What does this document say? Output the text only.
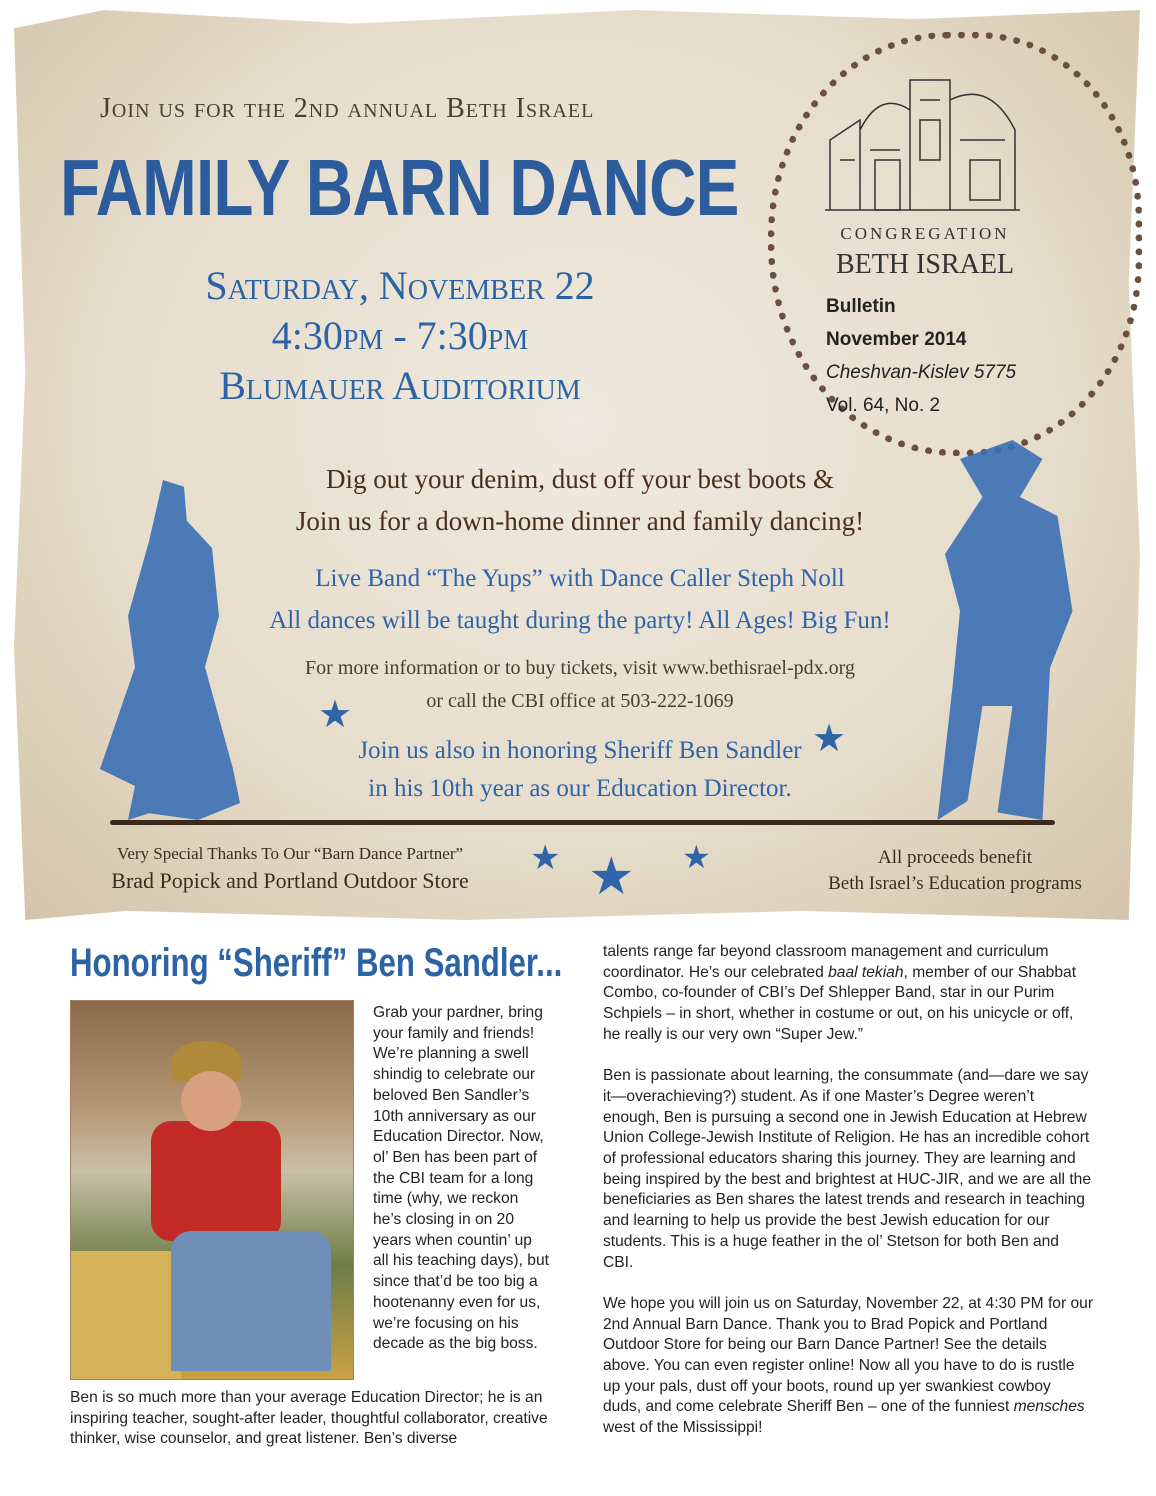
Join us for the 2nd annual Beth Israel
FAMILY BARN DANCE
Saturday, November 22
4:30pm - 7:30pm
Blumauer Auditorium
CONGREGATION
BETH ISRAEL
Bulletin
November 2014
Cheshvan-Kislev 5775
Vol. 64, No. 2
Dig out your denim, dust off your best boots &
Join us for a down-home dinner and family dancing!
Live Band “The Yups” with Dance Caller Steph Noll
All dances will be taught during the party! All Ages! Big Fun!
For more information or to buy tickets, visit www.bethisrael-pdx.org
or call the CBI office at 503-222-1069
Join us also in honoring Sheriff Ben Sandler
in his 10th year as our Education Director.
★
★
★ ★ ★
Very Special Thanks To Our “Barn Dance Partner”
Brad Popick and Portland Outdoor Store
All proceeds benefit
Beth Israel’s Education programs
Honoring “Sheriff” Ben Sandler...
Grab your pardner, bring your family and friends! We’re planning a swell shindig to celebrate our beloved Ben Sandler’s 10th anniversary as our Education Director. Now, ol’ Ben has been part of the CBI team for a long time (why, we reckon he’s closing in on 20 years when countin’ up all his teaching days), but since that’d be too big a hootenanny even for us, we’re focusing on his decade as the big boss.
Ben is so much more than your average Education Director; he is an inspiring teacher, sought-after leader, thoughtful collaborator, creative thinker, wise counselor, and great listener. Ben’s diverse

talents range far beyond classroom management and curriculum coordinator. He’s our celebrated baal tekiah, member of our Shabbat Combo, co-founder of CBI’s Def Shlepper Band, star in our Purim Schpiels – in short, whether in costume or out, on his unicycle or off, he really is our very own “Super Jew.”

Ben is passionate about learning, the consummate (and—dare we say it—overachieving?) student. As if one Master’s Degree weren’t enough, Ben is pursuing a second one in Jewish Education at Hebrew Union College-Jewish Institute of Religion. He has an incredible cohort of professional educators sharing this journey. They are learning and being inspired by the best and brightest at HUC-JIR, and we are all the beneficiaries as Ben shares the latest trends and research in teaching and learning to help us provide the best Jewish education for our students. This is a huge feather in the ol’ Stetson for both Ben and CBI.

We hope you will join us on Saturday, November 22, at 4:30 PM for our 2nd Annual Barn Dance. Thank you to Brad Popick and Portland Outdoor Store for being our Barn Dance Partner! See the details above. You can even register online! Now all you have to do is rustle up your pals, dust off your boots, round up yer swankiest cowboy duds, and come celebrate Sheriff Ben – one of the funniest mensches west of the Mississippi!
